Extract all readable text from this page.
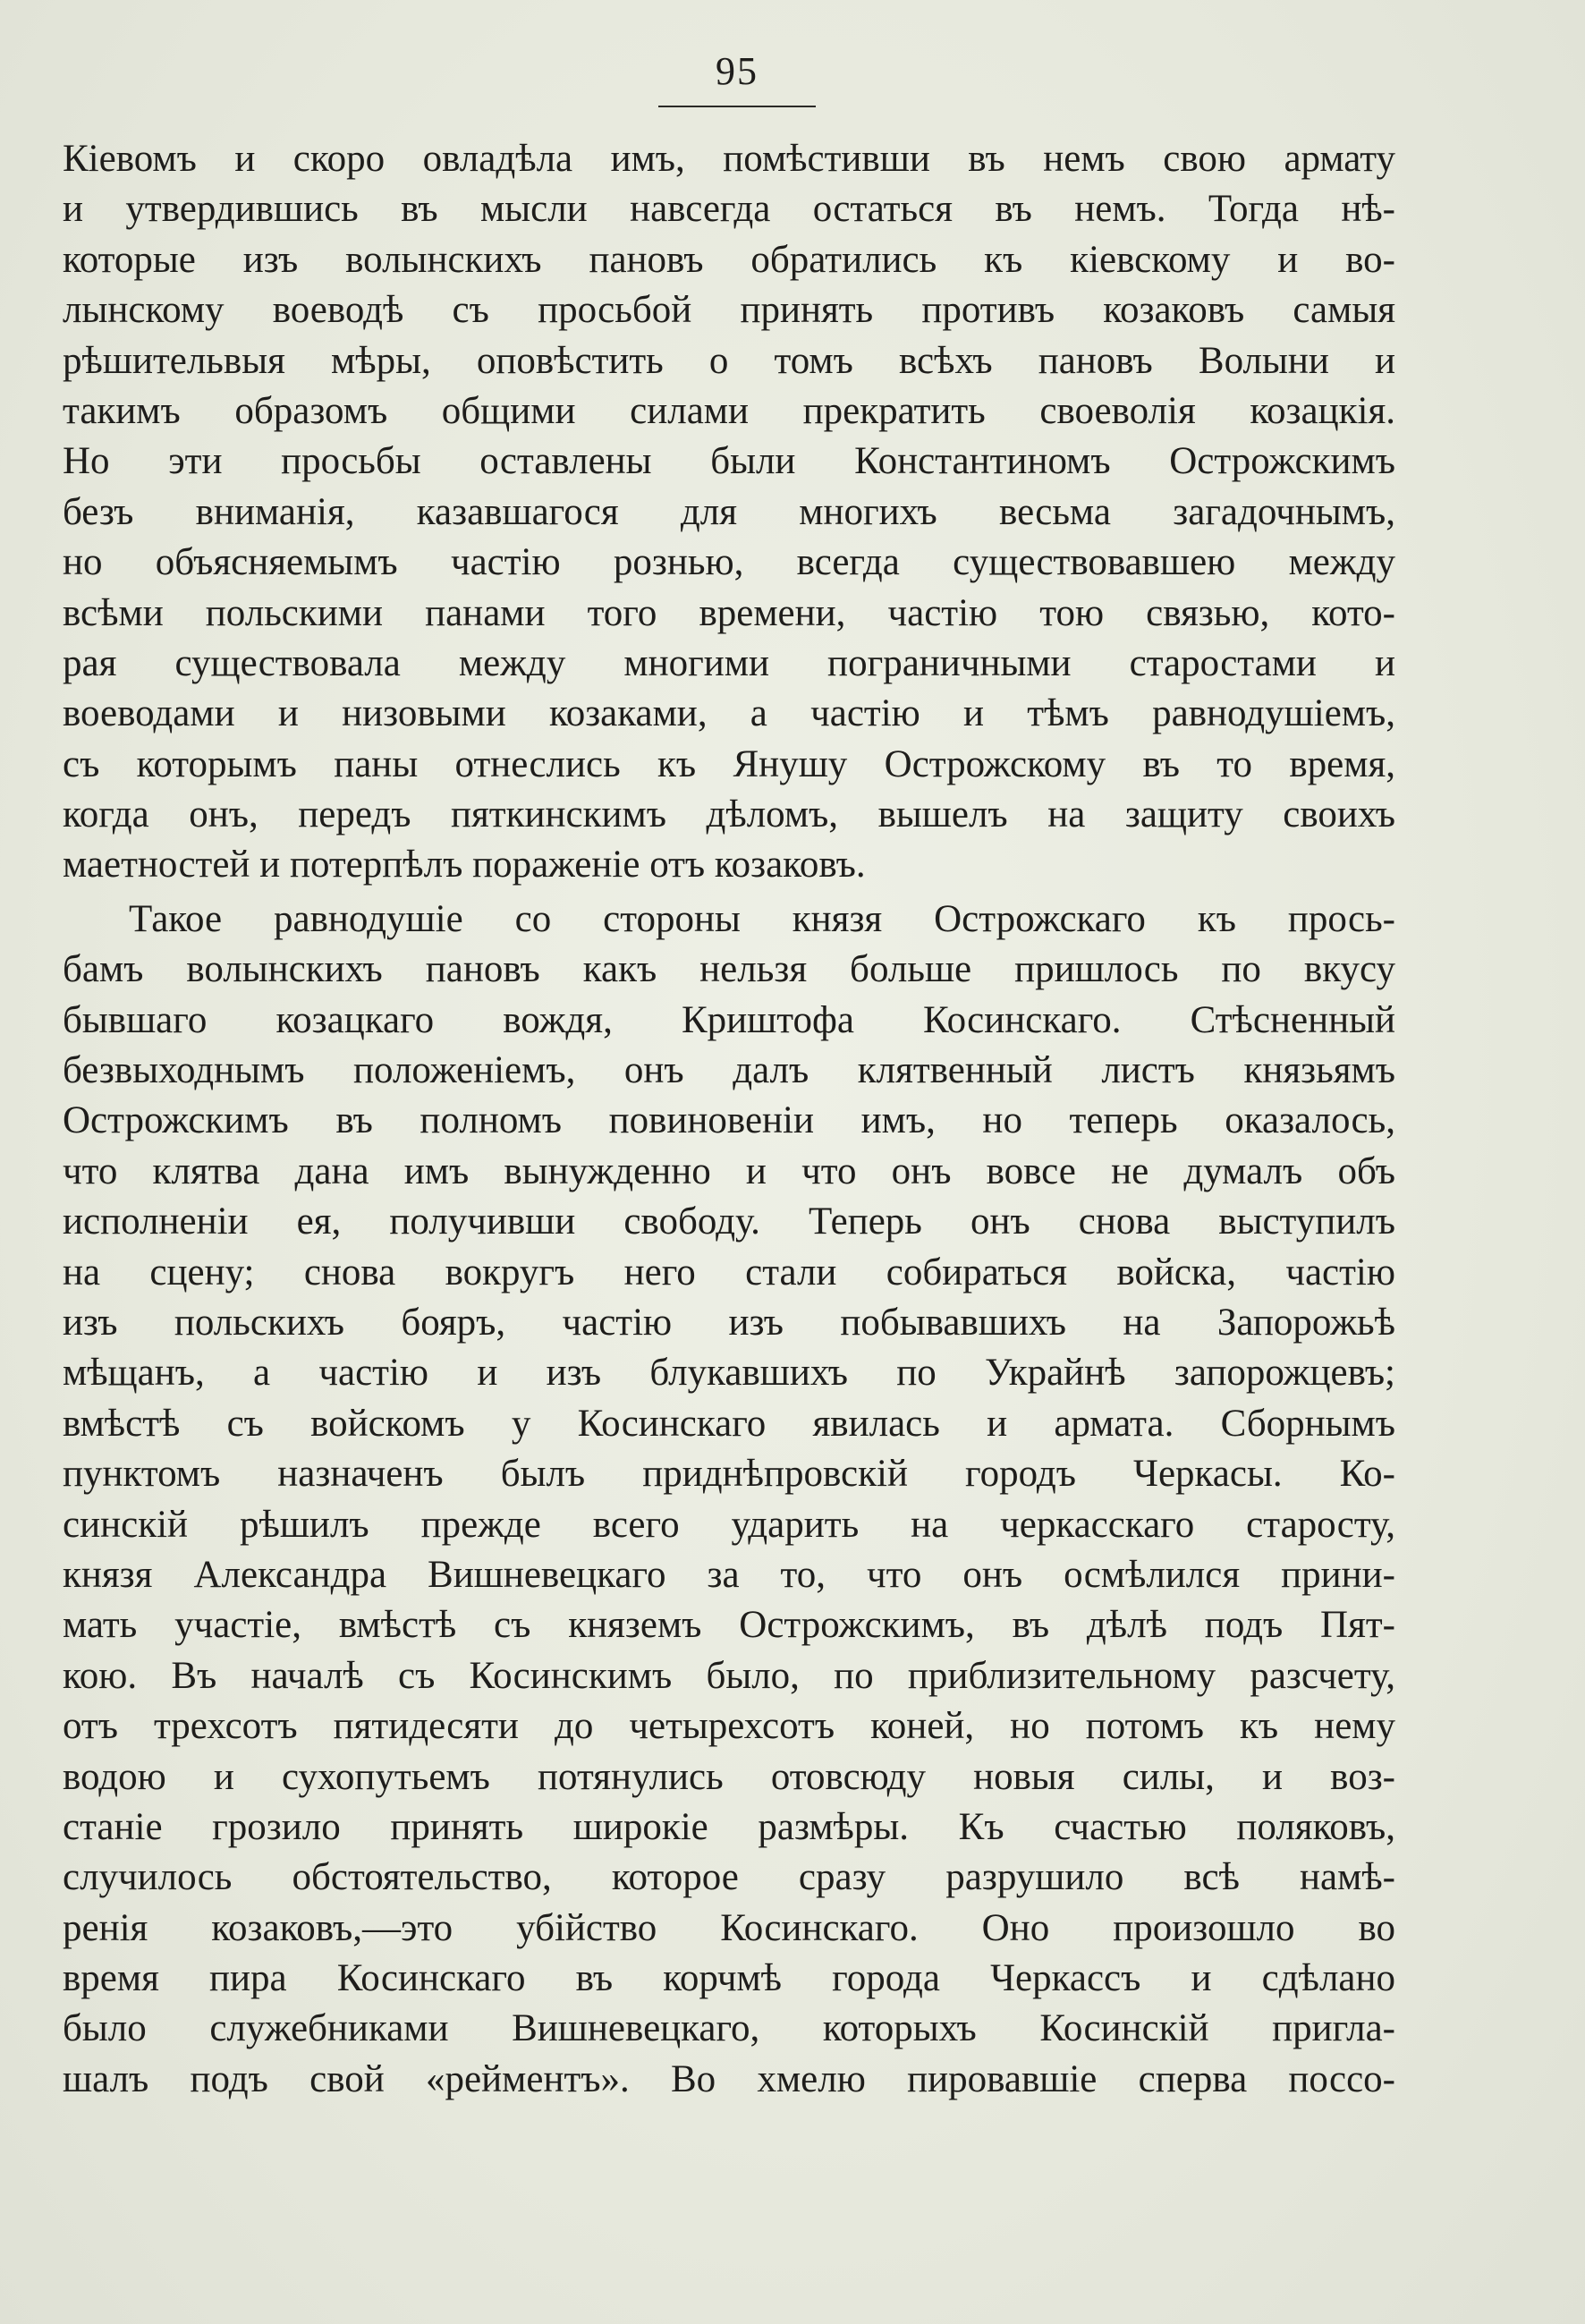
95
Кіевомъ и скоро овладѣла имъ, помѣстивши въ немъ свою армату
и утвердившись въ мысли навсегда остаться въ немъ. Тогда нѣ-
которые изъ волынскихъ пановъ обратились къ кіевскому и во-
лынскому воеводѣ съ просьбой принять противъ козаковъ самыя
рѣшительвыя мѣры, оповѣстить о томъ всѣхъ пановъ Волыни и
такимъ образомъ общими силами прекратить своеволія козацкія.
Но эти просьбы оставлены были Константиномъ Острожскимъ
безъ вниманія, казавшагося для многихъ весьма загадочнымъ,
но объясняемымъ частію рознью, всегда существовавшею между
всѣми польскими панами того времени, частію тою связью, кото-
рая существовала между многими пограничными старостами и
воеводами и низовыми козаками, а частію и тѣмъ равнодушіемъ,
съ которымъ паны отнеслись къ Янушу Острожскому въ то время,
когда онъ, передъ пяткинскимъ дѣломъ, вышелъ на защиту своихъ
маетностей и потерпѣлъ пораженіе отъ козаковъ.
Такое равнодушіе со стороны князя Острожскаго къ прось-
бамъ волынскихъ пановъ какъ нельзя больше пришлось по вкусу
бывшаго козацкаго вождя, Криштофа Косинскаго. Стѣсненный
безвыходнымъ положеніемъ, онъ далъ клятвенный листъ князьямъ
Острожскимъ въ полномъ повиновеніи имъ, но теперь оказалось,
что клятва дана имъ вынужденно и что онъ вовсе не думалъ объ
исполненіи ея, получивши свободу. Теперь онъ снова выступилъ
на сцену; снова вокругъ него стали собираться войска, частію
изъ польскихъ бояръ, частію изъ побывавшихъ на Запорожьѣ
мѣщанъ, а частію и изъ блукавшихъ по Украйнѣ запорожцевъ;
вмѣстѣ съ войскомъ у Косинскаго явилась и армата. Сборнымъ
пунктомъ назначенъ былъ приднѣпровскій городъ Черкасы. Ко-
синскій рѣшилъ прежде всего ударить на черкасскаго старосту,
князя Александра Вишневецкаго за то, что онъ осмѣлился прини-
мать участіе, вмѣстѣ съ княземъ Острожскимъ, въ дѣлѣ подъ Пят-
кою. Въ началѣ съ Косинскимъ было, по приблизительному разсчету,
отъ трехсотъ пятидесяти до четырехсотъ коней, но потомъ къ нему
водою и сухопутьемъ потянулись отовсюду новыя силы, и воз-
станіе грозило принять широкіе размѣры. Къ счастью поляковъ,
случилось обстоятельство, которое сразу разрушило всѣ намѣ-
ренія козаковъ,—это убійство Косинскаго. Оно произошло во
время пира Косинскаго въ корчмѣ города Черкассъ и сдѣлано
было служебниками Вишневецкаго, которыхъ Косинскій пригла-
шалъ подъ свой «рейментъ». Во хмелю пировавшіе сперва поссо-
